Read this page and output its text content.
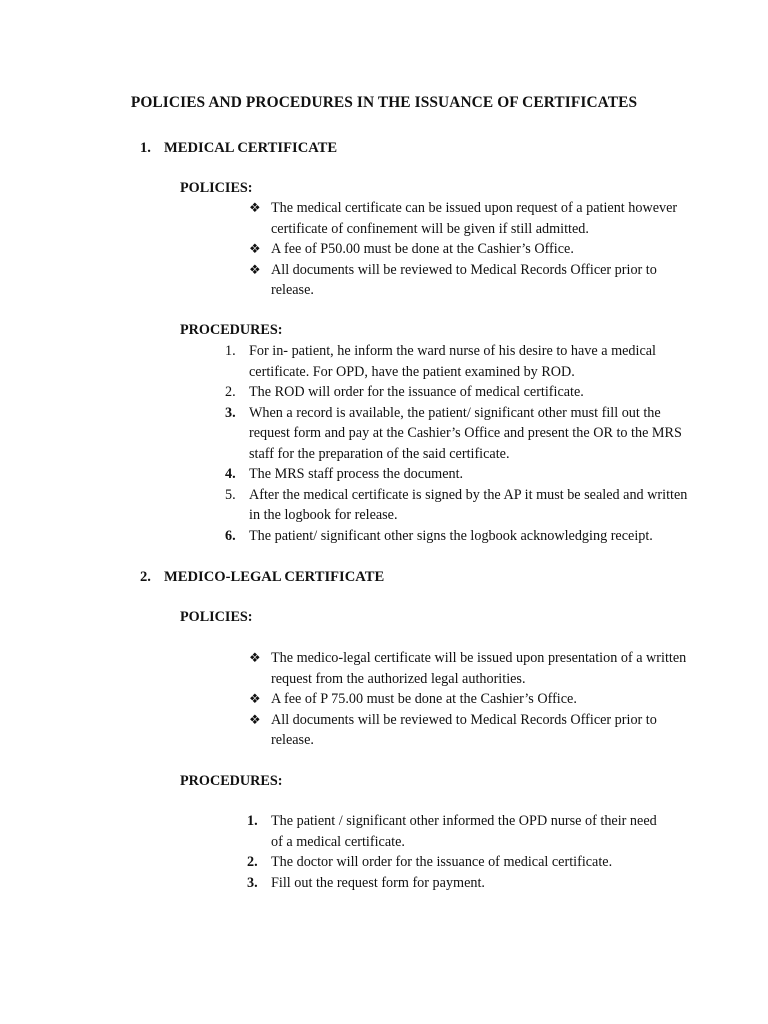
POLICIES AND PROCEDURES IN THE ISSUANCE OF CERTIFICATES
1. MEDICAL CERTIFICATE
POLICIES:
❖ The medical certificate can be issued upon request of a patient however certificate of confinement will be given if still admitted.
❖ A fee of P50.00 must be done at the Cashier’s Office.
❖ All documents will be reviewed to Medical Records Officer prior to release.
PROCEDURES:
1. For in- patient, he inform the ward nurse of his desire to have a medical certificate. For OPD, have the patient examined by ROD.
2. The ROD will order for the issuance of medical certificate.
3. When a record is available, the patient/ significant other must fill out the request form and pay at the Cashier’s Office and present the OR to the MRS staff for the preparation of the said certificate.
4. The MRS staff process the document.
5. After the medical certificate is signed by the AP it must be sealed and written in the logbook for release.
6. The patient/ significant other signs the logbook acknowledging receipt.
2. MEDICO-LEGAL CERTIFICATE
POLICIES:
❖ The medico-legal certificate will be issued upon presentation of a written request from the authorized legal authorities.
❖ A fee of P 75.00 must be done at the Cashier’s Office.
❖ All documents will be reviewed to Medical Records Officer prior to release.
PROCEDURES:
1. The patient / significant other informed the OPD nurse of their need of a medical certificate.
2. The doctor will order for the issuance of medical certificate.
3. Fill out the request form for payment.
